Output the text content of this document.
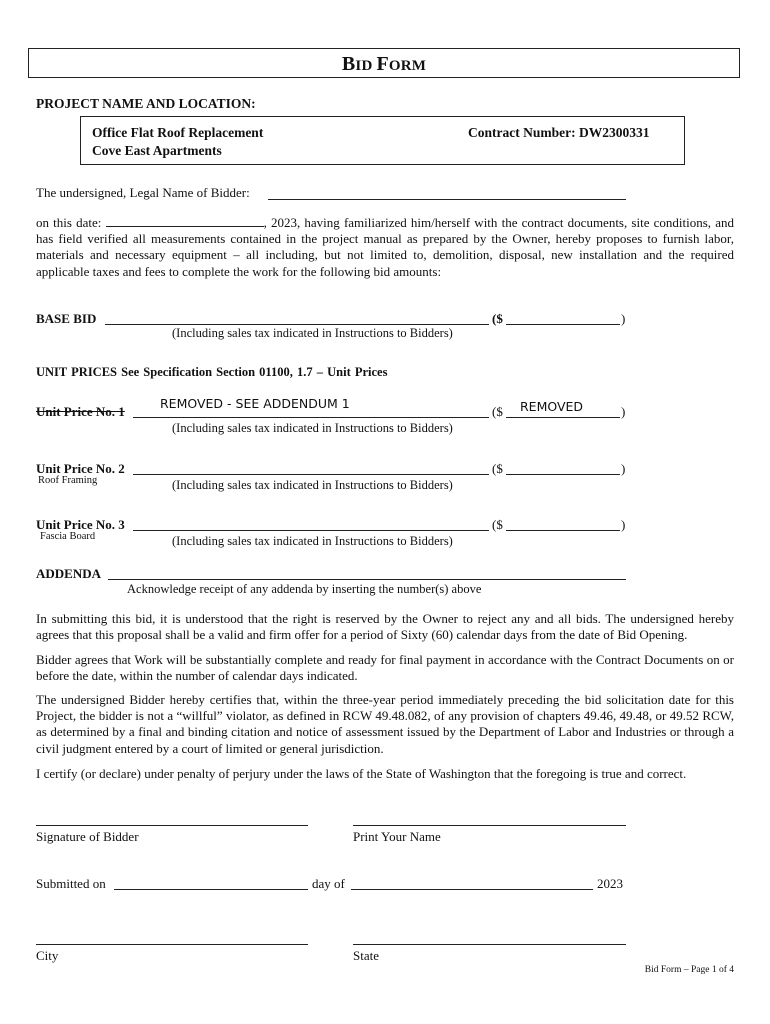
BID FORM
PROJECT NAME AND LOCATION:
Office Flat Roof Replacement
Cove East Apartments
Contract Number: DW2300331
The undersigned, Legal Name of Bidder:
on this date:	, 2023, having familiarized him/herself with the contract documents, site conditions, and has field verified all measurements contained in the project manual as prepared by the Owner, hereby proposes to furnish labor, materials and necessary equipment – all including, but not limited to, demolition, disposal, new installation and the required applicable taxes and fees to complete the work for the following bid amounts:
BASE BID	($	)
(Including sales tax indicated in Instructions to Bidders)
UNIT PRICES See Specification Section 01100, 1.7 – Unit Prices
Unit Price No. 1
REMOVED - SEE ADDENDUM 1
($ REMOVED	)
(Including sales tax indicated in Instructions to Bidders)
Unit Price No. 2
Roof Framing
($	)
(Including sales tax indicated in Instructions to Bidders)
Unit Price No. 3
Fascia Board
($	)
(Including sales tax indicated in Instructions to Bidders)
ADDENDA
Acknowledge receipt of any addenda by inserting the number(s) above
In submitting this bid, it is understood that the right is reserved by the Owner to reject any and all bids. The undersigned hereby agrees that this proposal shall be a valid and firm offer for a period of Sixty (60) calendar days from the date of Bid Opening.
Bidder agrees that Work will be substantially complete and ready for final payment in accordance with the Contract Documents on or before the date, within the number of calendar days indicated.
The undersigned Bidder hereby certifies that, within the three-year period immediately preceding the bid solicitation date for this Project, the bidder is not a “willful” violator, as defined in RCW 49.48.082, of any provision of chapters 49.46, 49.48, or 49.52 RCW, as determined by a final and binding citation and notice of assessment issued by the Department of Labor and Industries or through a civil judgment entered by a court of limited or general jurisdiction.
I certify (or declare) under penalty of perjury under the laws of the State of Washington that the foregoing is true and correct.
Signature of Bidder	Print Your Name
Submitted on	day of	2023
City	State
Bid Form – Page 1 of 4
